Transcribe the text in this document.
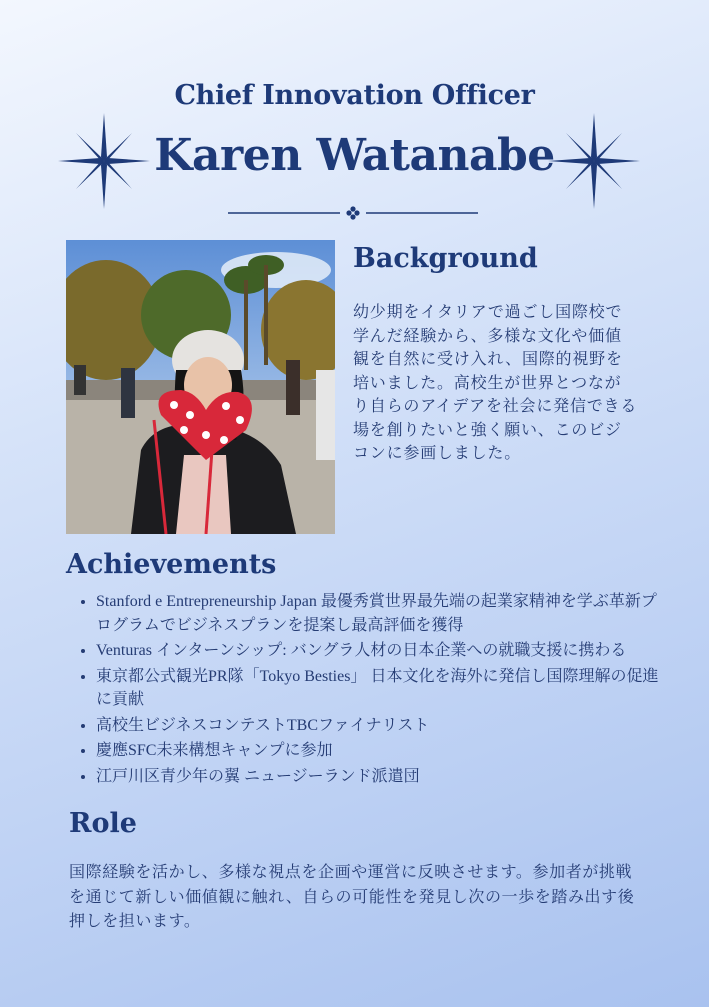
Chief Innovation Officer
Karen Watanabe
Background

幼少期をイタリアで過ごし国際校で学んだ経験から、多様な文化や価値観を自然に受け入れ、国際的視野を培いました。高校生が世界とつながり自らのアイデアを社会に発信できる場を創りたいと強く願い、このビジコンに参画しました。

Achievements
• Stanford e Entrepreneurship Japan 最優秀賞世界最先端の起業家精神を学ぶ革新プログラムでビジネスプランを提案し最高評価を獲得
• Venturas インターンシップ: バングラ人材の日本企業への就職支援に携わる
• 東京都公式観光PR隊「Tokyo Besties」 日本文化を海外に発信し国際理解の促進に貢献
• 高校生ビジネスコンテストTBCファイナリスト
• 慶應SFC未来構想キャンプに参加
• 江戸川区青少年の翼 ニュージーランド派遣団
Role

国際経験を活かし、多様な視点を企画や運営に反映させます。参加者が挑戦を通じて新しい価値観に触れ、自らの可能性を発見し次の一歩を踏み出す後押しを担います。
